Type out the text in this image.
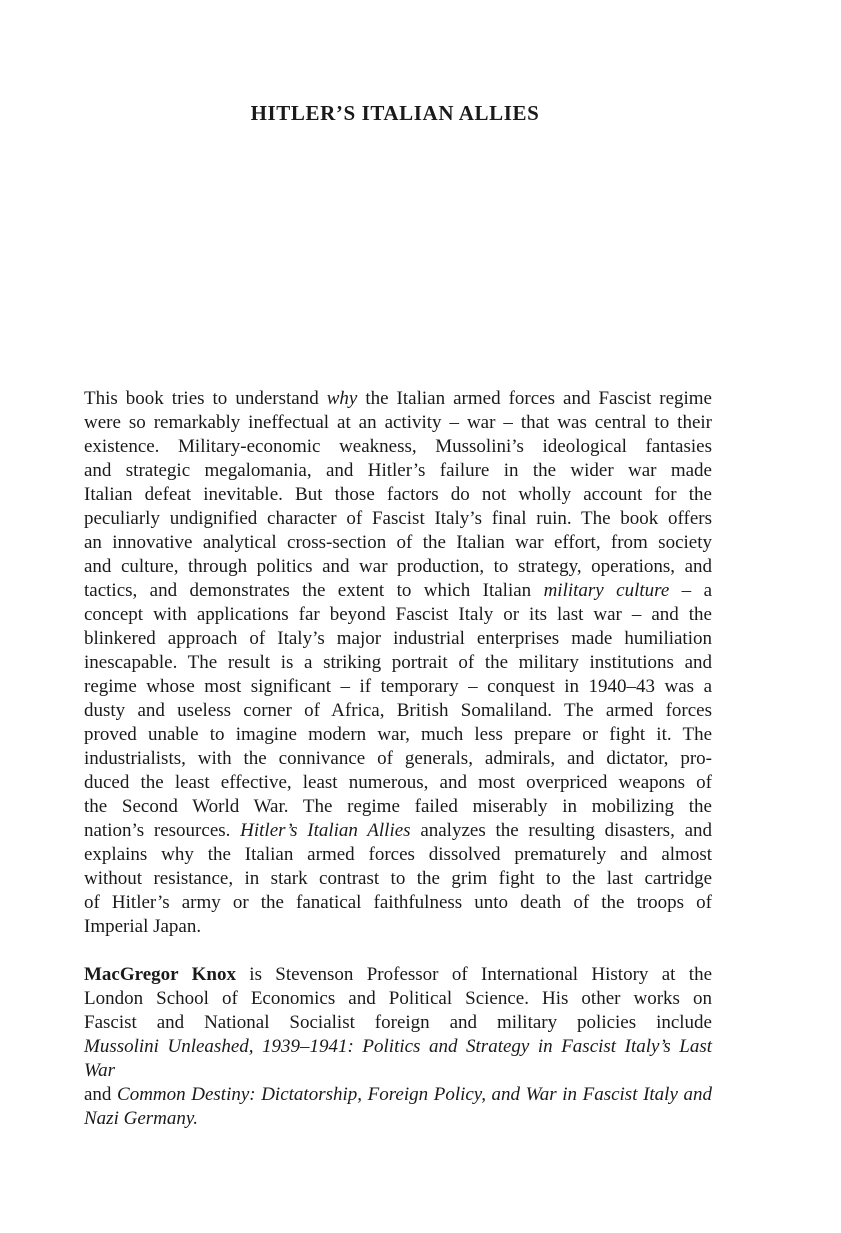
HITLER’S ITALIAN ALLIES
This book tries to understand why the Italian armed forces and Fascist regime
were so remarkably ineffectual at an activity – war – that was central to their
existence. Military-economic weakness, Mussolini’s ideological fantasies
and strategic megalomania, and Hitler’s failure in the wider war made
Italian defeat inevitable. But those factors do not wholly account for the
peculiarly undignified character of Fascist Italy’s final ruin. The book offers
an innovative analytical cross-section of the Italian war effort, from society
and culture, through politics and war production, to strategy, operations, and
tactics, and demonstrates the extent to which Italian military culture – a
concept with applications far beyond Fascist Italy or its last war – and the
blinkered approach of Italy’s major industrial enterprises made humiliation
inescapable. The result is a striking portrait of the military institutions and
regime whose most significant – if temporary – conquest in 1940–43 was a
dusty and useless corner of Africa, British Somaliland. The armed forces
proved unable to imagine modern war, much less prepare or fight it. The
industrialists, with the connivance of generals, admirals, and dictator, pro-
duced the least effective, least numerous, and most overpriced weapons of
the Second World War. The regime failed miserably in mobilizing the
nation’s resources. Hitler’s Italian Allies analyzes the resulting disasters, and
explains why the Italian armed forces dissolved prematurely and almost
without resistance, in stark contrast to the grim fight to the last cartridge
of Hitler’s army or the fanatical faithfulness unto death of the troops of
Imperial Japan.
MacGregor Knox is Stevenson Professor of International History at the
London School of Economics and Political Science. His other works on
Fascist and National Socialist foreign and military policies include
Mussolini Unleashed, 1939–1941: Politics and Strategy in Fascist Italy’s Last War
and Common Destiny: Dictatorship, Foreign Policy, and War in Fascist Italy and
Nazi Germany.
